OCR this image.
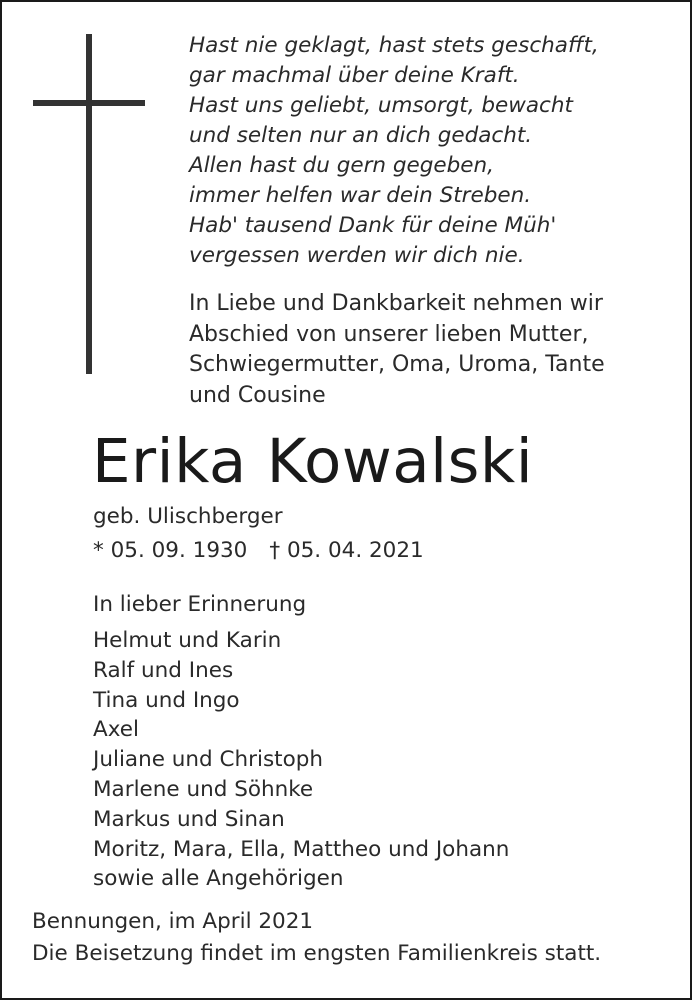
Hast nie geklagt, hast stets geschafft,
gar machmal über deine Kraft.
Hast uns geliebt, umsorgt, bewacht
und selten nur an dich gedacht.
Allen hast du gern gegeben,
immer helfen war dein Streben.
Hab' tausend Dank für deine Müh'
vergessen werden wir dich nie.
In Liebe und Dankbarkeit nehmen wir
Abschied von unserer lieben Mutter,
Schwiegermutter, Oma, Uroma, Tante
und Cousine
Erika Kowalski
geb. Ulischberger
* 05. 09. 1930 † 05. 04. 2021
In lieber Erinnerung
Helmut und Karin
Ralf und Ines
Tina und Ingo
Axel
Juliane und Christoph
Marlene und Söhnke
Markus und Sinan
Moritz, Mara, Ella, Mattheo und Johann
sowie alle Angehörigen
Bennungen, im April 2021
Die Beisetzung findet im engsten Familienkreis statt.
